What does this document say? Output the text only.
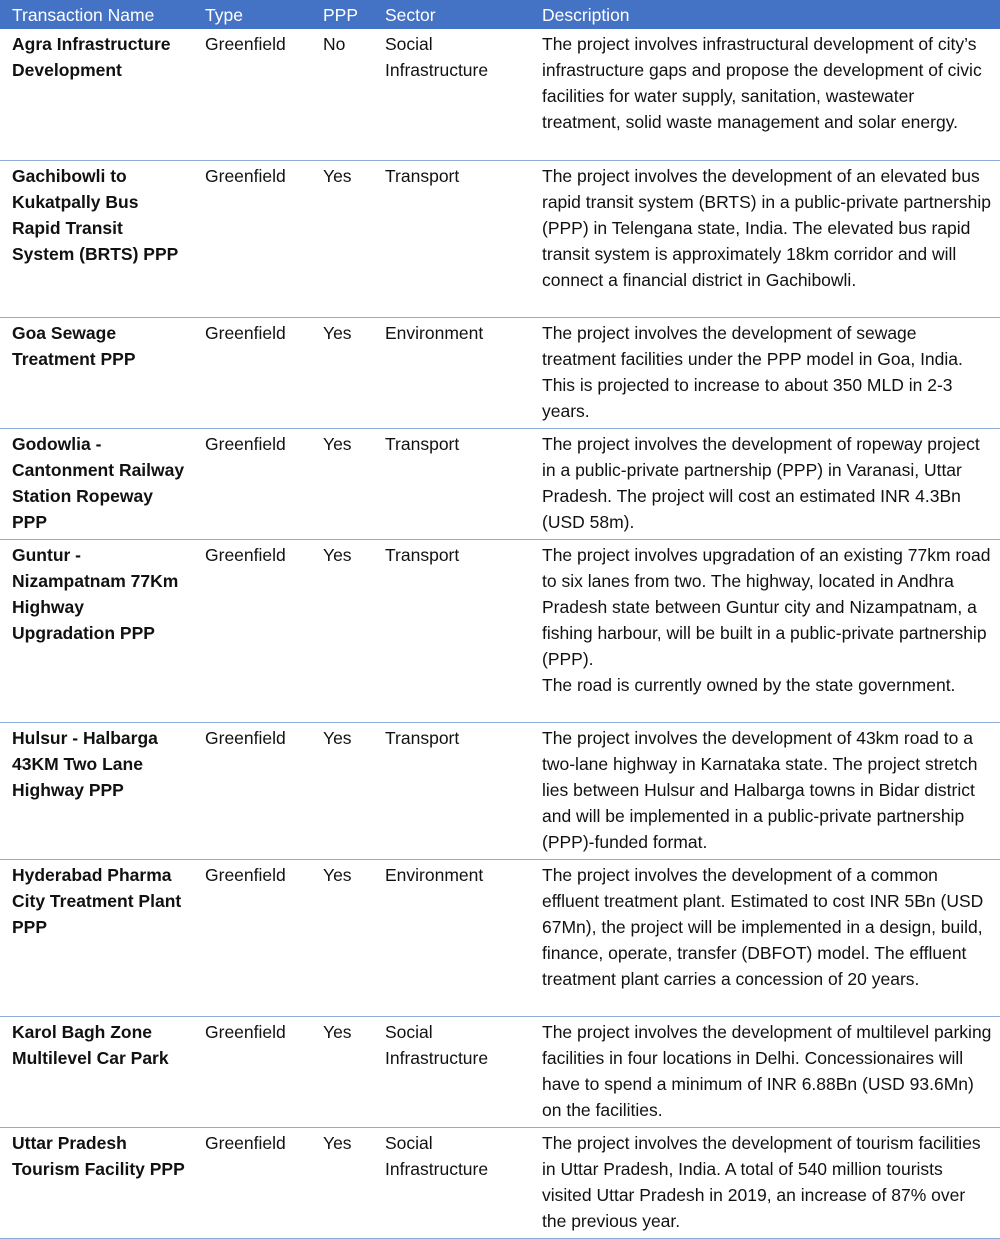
Transaction Name	Type	PPP	Sector	Description
Agra Infrastructure Development	Greenfield	No	Social Infrastructure	The project involves infrastructural development of city’s infrastructure gaps and propose the development of civic facilities for water supply, sanitation, wastewater treatment, solid waste management and solar energy.

Gachibowli to Kukatpally Bus Rapid Transit System (BRTS) PPP	Greenfield	Yes	Transport	The project involves the development of an elevated bus rapid transit system (BRTS) in a public-private partnership (PPP) in Telengana state, India. The elevated bus rapid transit system is approximately 18km corridor and will connect a financial district in Gachibowli.

Goa Sewage Treatment PPP	Greenfield	Yes	Environment	The project involves the development of sewage treatment facilities under the PPP model in Goa, India. This is projected to increase to about 350 MLD in 2-3 years.

Godowlia - Cantonment Railway Station Ropeway PPP	Greenfield	Yes	Transport	The project involves the development of ropeway project in a public-private partnership (PPP) in Varanasi, Uttar Pradesh. The project will cost an estimated INR 4.3Bn (USD 58m).

Guntur - Nizampatnam 77Km Highway Upgradation PPP	Greenfield	Yes	Transport	The project involves upgradation of an existing 77km road to six lanes from two. The highway, located in Andhra Pradesh state between Guntur city and Nizampatnam, a fishing harbour, will be built in a public-private partnership (PPP).
The road is currently owned by the state government.

Hulsur - Halbarga 43KM Two Lane Highway PPP	Greenfield	Yes	Transport	The project involves the development of 43km road to a two-lane highway in Karnataka state. The project stretch lies between Hulsur and Halbarga towns in Bidar district and will be implemented in a public-private partnership (PPP)-funded format.

Hyderabad Pharma City Treatment Plant PPP	Greenfield	Yes	Environment	The project involves the development of a common effluent treatment plant. Estimated to cost INR 5Bn (USD 67Mn), the project will be implemented in a design, build, finance, operate, transfer (DBFOT) model. The effluent treatment plant carries a concession of 20 years.

Karol Bagh Zone Multilevel Car Park	Greenfield	Yes	Social Infrastructure	The project involves the development of multilevel parking facilities in four locations in Delhi. Concessionaires will have to spend a minimum of INR 6.88Bn (USD 93.6Mn) on the facilities.

Uttar Pradesh Tourism Facility PPP	Greenfield	Yes	Social Infrastructure	The project involves the development of tourism facilities in Uttar Pradesh, India. A total of 540 million tourists visited Uttar Pradesh in 2019, an increase of 87% over the previous year.
